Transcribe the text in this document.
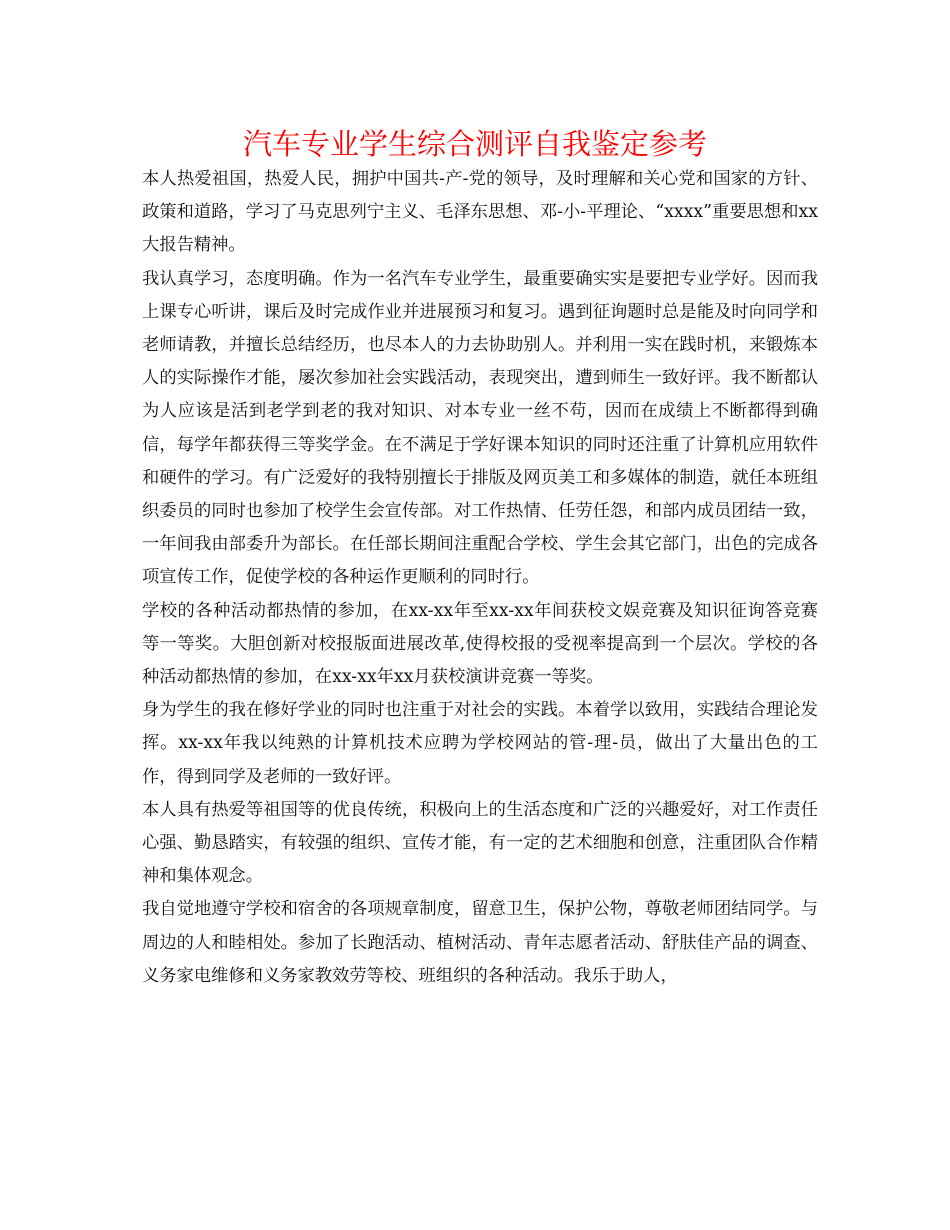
汽车专业学生综合测评自我鉴定参考

本人热爱祖国，热爱人民，拥护中国共-产-党的领导，及时理解和关心党和国家的方针、政策和道路，学习了马克思列宁主义、毛泽东思想、邓-小-平理论、“xxxx”重要思想和xx大报告精神。

我认真学习，态度明确。作为一名汽车专业学生，最重要确实实是要把专业学好。因而我上课专心听讲，课后及时完成作业并进展预习和复习。遇到征询题时总是能及时向同学和老师请教，并擅长总结经历，也尽本人的力去协助别人。并利用一实在践时机，来锻炼本人的实际操作才能，屡次参加社会实践活动，表现突出，遭到师生一致好评。我不断都认为人应该是活到老学到老的我对知识、对本专业一丝不苟，因而在成绩上不断都得到确信，每学年都获得三等奖学金。在不满足于学好课本知识的同时还注重了计算机应用软件和硬件的学习。有广泛爱好的我特别擅长于排版及网页美工和多媒体的制造，就任本班组织委员的同时也参加了校学生会宣传部。对工作热情、任劳任怨，和部内成员团结一致，一年间我由部委升为部长。在任部长期间注重配合学校、学生会其它部门，出色的完成各项宣传工作，促使学校的各种运作更顺利的同时行。

学校的各种活动都热情的参加，在xx-xx年至xx-xx年间获校文娱竞赛及知识征询答竞赛等一等奖。大胆创新对校报版面进展改革,使得校报的受视率提高到一个层次。学校的各种活动都热情的参加，在xx-xx年xx月获校演讲竞赛一等奖。

身为学生的我在修好学业的同时也注重于对社会的实践。本着学以致用，实践结合理论发挥。xx-xx年我以纯熟的计算机技术应聘为学校网站的管-理-员，做出了大量出色的工作，得到同学及老师的一致好评。

本人具有热爱等祖国等的优良传统，积极向上的生活态度和广泛的兴趣爱好，对工作责任心强、勤恳踏实，有较强的组织、宣传才能，有一定的艺术细胞和创意，注重团队合作精神和集体观念。

我自觉地遵守学校和宿舍的各项规章制度，留意卫生，保护公物，尊敬老师团结同学。与周边的人和睦相处。参加了长跑活动、植树活动、青年志愿者活动、舒肤佳产品的调查、义务家电维修和义务家教效劳等校、班组织的各种活动。我乐于助人，
